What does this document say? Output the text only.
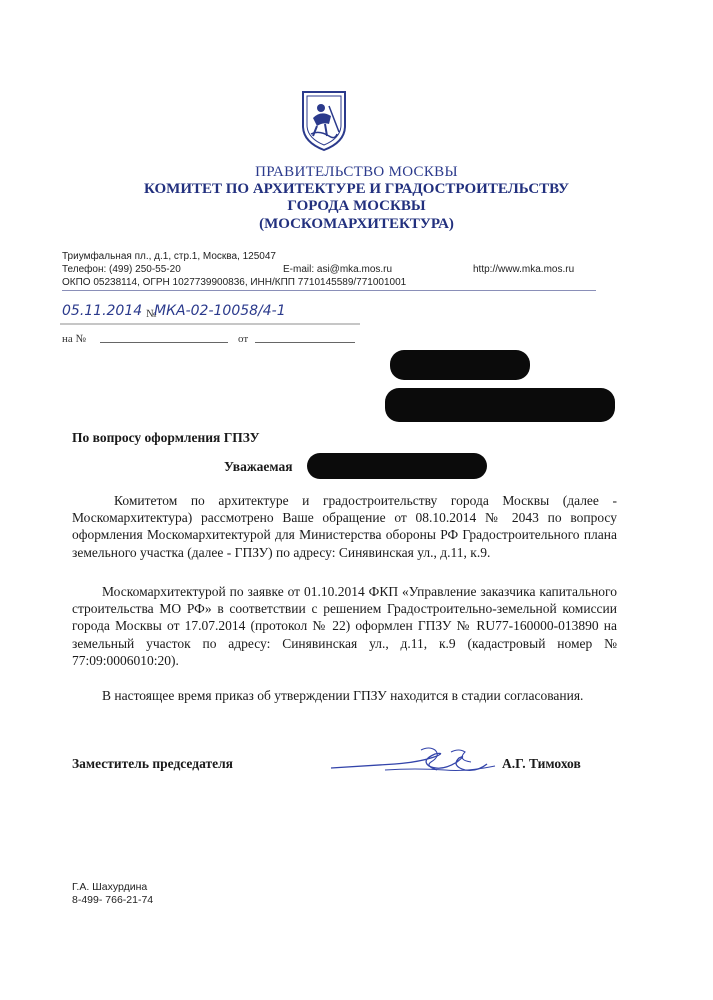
ПРАВИТЕЛЬСТВО МОСКВЫ
КОМИТЕТ ПО АРХИТЕКТУРЕ И ГРАДОСТРОИТЕЛЬСТВУ
ГОРОДА МОСКВЫ
(МОСКОМАРХИТЕКТУРА)
Триумфальная пл., д.1, стр.1, Москва, 125047
Телефон: (499) 250-55-20	E-mail: asi@mka.mos.ru	http://www.mka.mos.ru
ОКПО 05238114, ОГРН 1027739900836, ИНН/КПП 7710145589/771001001
05.11.2014 №
МКА-02-10058/4-1
на №	от
По вопросу оформления ГПЗУ
Уважаемая
Комитетом по архитектуре и градостроительству города Москвы (далее - Москомархитектура) рассмотрено Ваше обращение от 08.10.2014 № 2043 по вопросу оформления Москомархитектурой для Министерства обороны РФ Градостроительного плана земельного участка (далее - ГПЗУ) по адресу: Синявинская ул., д.11, к.9.
Москомархитектурой по заявке от 01.10.2014 ФКП «Управление заказчика капитального строительства МО РФ» в соответствии с решением Градостроительно-земельной комиссии города Москвы от 17.07.2014 (протокол № 22) оформлен ГПЗУ № RU77-160000-013890 на земельный участок по адресу: Синявинская ул., д.11, к.9 (кадастровый номер № 77:09:0006010:20).
В настоящее время приказ об утверждении ГПЗУ находится в стадии согласования.
Заместитель председателя	А.Г. Тимохов
Г.А. Шахурдина
8-499- 766-21-74
